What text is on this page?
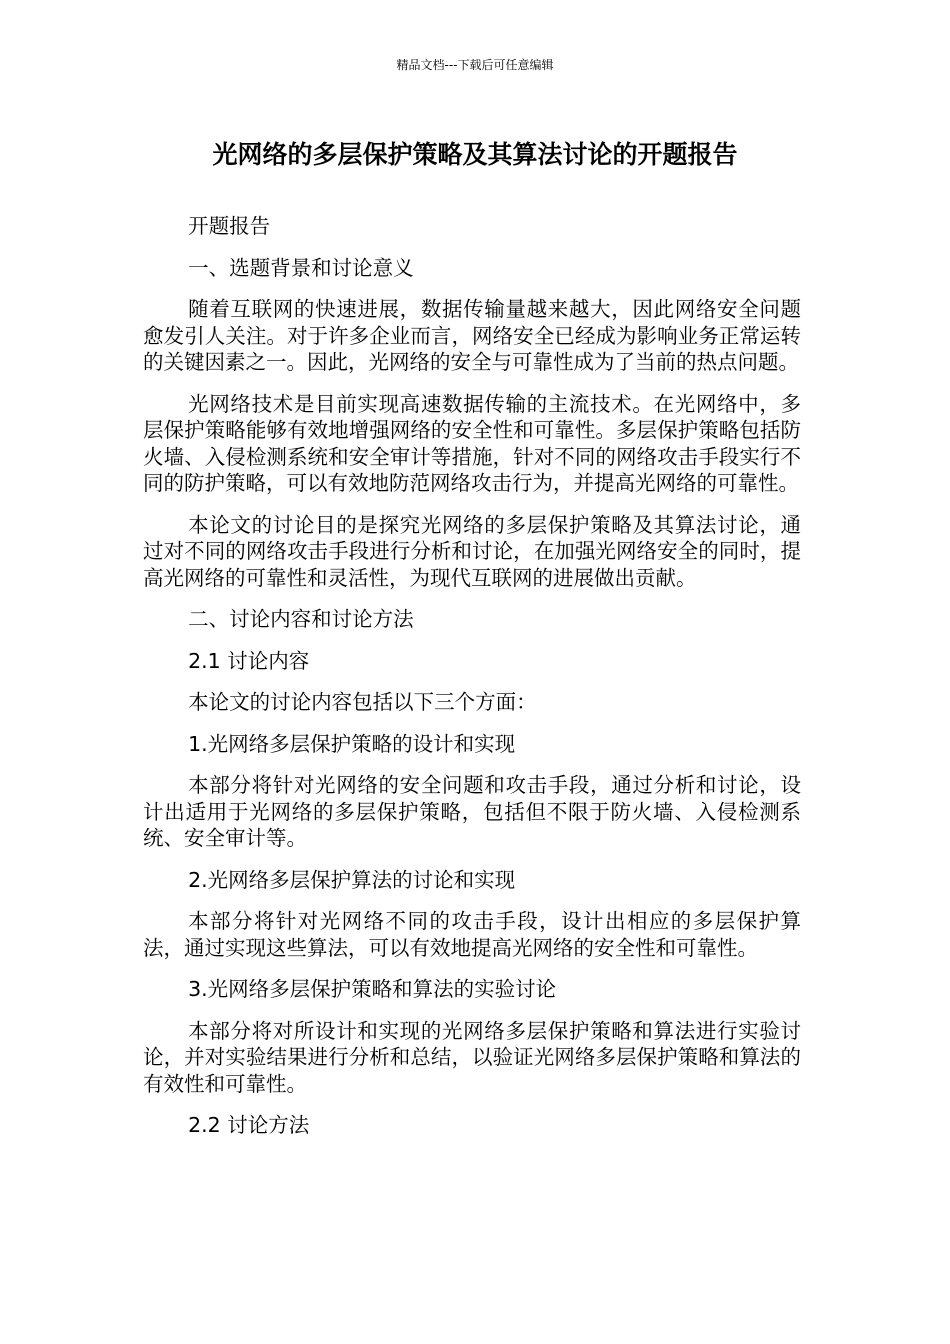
精品文档---下载后可任意编辑
光网络的多层保护策略及其算法讨论的开题报告

开题报告

一、选题背景和讨论意义

随着互联网的快速进展，数据传输量越来越大，因此网络安全问题愈发引人关注。对于许多企业而言，网络安全已经成为影响业务正常运转的关键因素之一。因此，光网络的安全与可靠性成为了当前的热点问题。

光网络技术是目前实现高速数据传输的主流技术。在光网络中，多层保护策略能够有效地增强网络的安全性和可靠性。多层保护策略包括防火墙、入侵检测系统和安全审计等措施，针对不同的网络攻击手段实行不同的防护策略，可以有效地防范网络攻击行为，并提高光网络的可靠性。

本论文的讨论目的是探究光网络的多层保护策略及其算法讨论，通过对不同的网络攻击手段进行分析和讨论，在加强光网络安全的同时，提高光网络的可靠性和灵活性，为现代互联网的进展做出贡献。

二、讨论内容和讨论方法

2.1 讨论内容

本论文的讨论内容包括以下三个方面：

1.光网络多层保护策略的设计和实现

本部分将针对光网络的安全问题和攻击手段，通过分析和讨论，设计出适用于光网络的多层保护策略，包括但不限于防火墙、入侵检测系统、安全审计等。

2.光网络多层保护算法的讨论和实现

本部分将针对光网络不同的攻击手段，设计出相应的多层保护算法，通过实现这些算法，可以有效地提高光网络的安全性和可靠性。

3.光网络多层保护策略和算法的实验讨论

本部分将对所设计和实现的光网络多层保护策略和算法进行实验讨论，并对实验结果进行分析和总结，以验证光网络多层保护策略和算法的有效性和可靠性。

2.2 讨论方法
